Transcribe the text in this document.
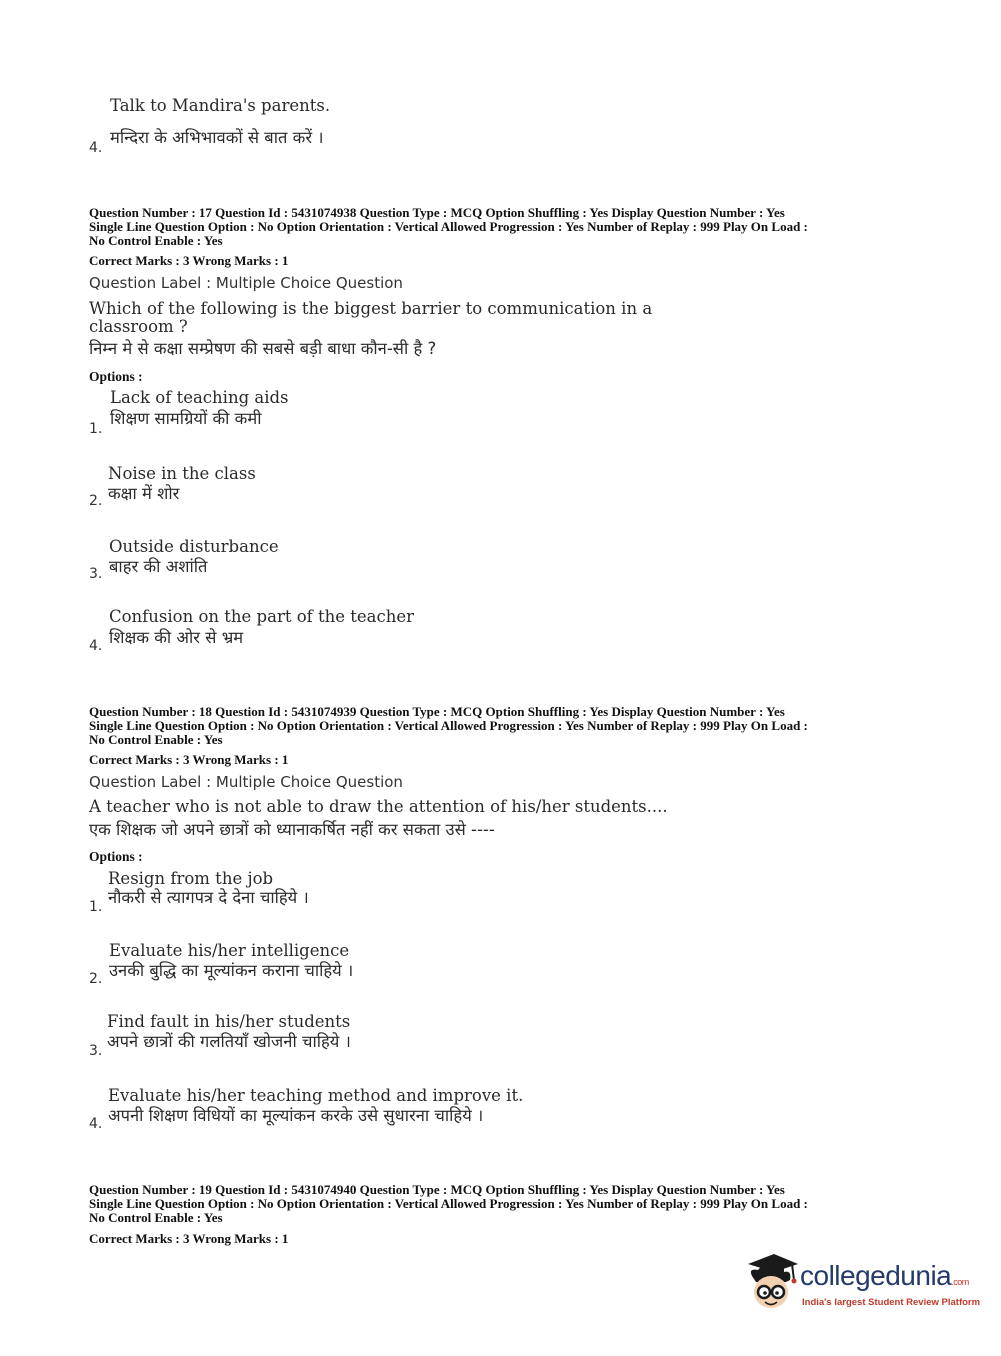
Talk to Mandira's parents.
4.
मन्दिरा के अभिभावकों से बात करें ।
Question Number : 17 Question Id : 5431074938 Question Type : MCQ Option Shuffling : Yes Display Question Number : Yes
Single Line Question Option : No Option Orientation : Vertical Allowed Progression : Yes Number of Replay : 999 Play On Load :
No Control Enable : Yes
Correct Marks : 3 Wrong Marks : 1
Question Label : Multiple Choice Question
Which of the following is the biggest barrier to communication in a
classroom ?
निम्न मे से कक्षा सम्प्रेषण की सबसे बड़ी बाधा कौन-सी है ?
Options :
Lack of teaching aids
1.
शिक्षण सामग्रियों की कमी
Noise in the class
2. कक्षा में शोर
Outside disturbance
3. बाहर की अशांति
Confusion on the part of the teacher
4. शिक्षक की ओर से भ्रम
Question Number : 18 Question Id : 5431074939 Question Type : MCQ Option Shuffling : Yes Display Question Number : Yes
Single Line Question Option : No Option Orientation : Vertical Allowed Progression : Yes Number of Replay : 999 Play On Load :
No Control Enable : Yes
Correct Marks : 3 Wrong Marks : 1
Question Label : Multiple Choice Question
A teacher who is not able to draw the attention of his/her students....
एक शिक्षक जो अपने छात्रों को ध्यानाकर्षित नहीं कर सकता उसे ----
Options :
Resign from the job
1. नौकरी से त्यागपत्र दे देना चाहिये ।
Evaluate his/her intelligence
2. उनकी बुद्धि का मूल्यांकन कराना चाहिये ।
Find fault in his/her students
3. अपने छात्रों की गलतियाँ खोजनी चाहिये ।
Evaluate his/her teaching method and improve it.
4. अपनी शिक्षण विधियों का मूल्यांकन करके उसे सुधारना चाहिये ।
Question Number : 19 Question Id : 5431074940 Question Type : MCQ Option Shuffling : Yes Display Question Number : Yes
Single Line Question Option : No Option Orientation : Vertical Allowed Progression : Yes Number of Replay : 999 Play On Load :
No Control Enable : Yes
Correct Marks : 3 Wrong Marks : 1
collegedunia.com
India's largest Student Review Platform
